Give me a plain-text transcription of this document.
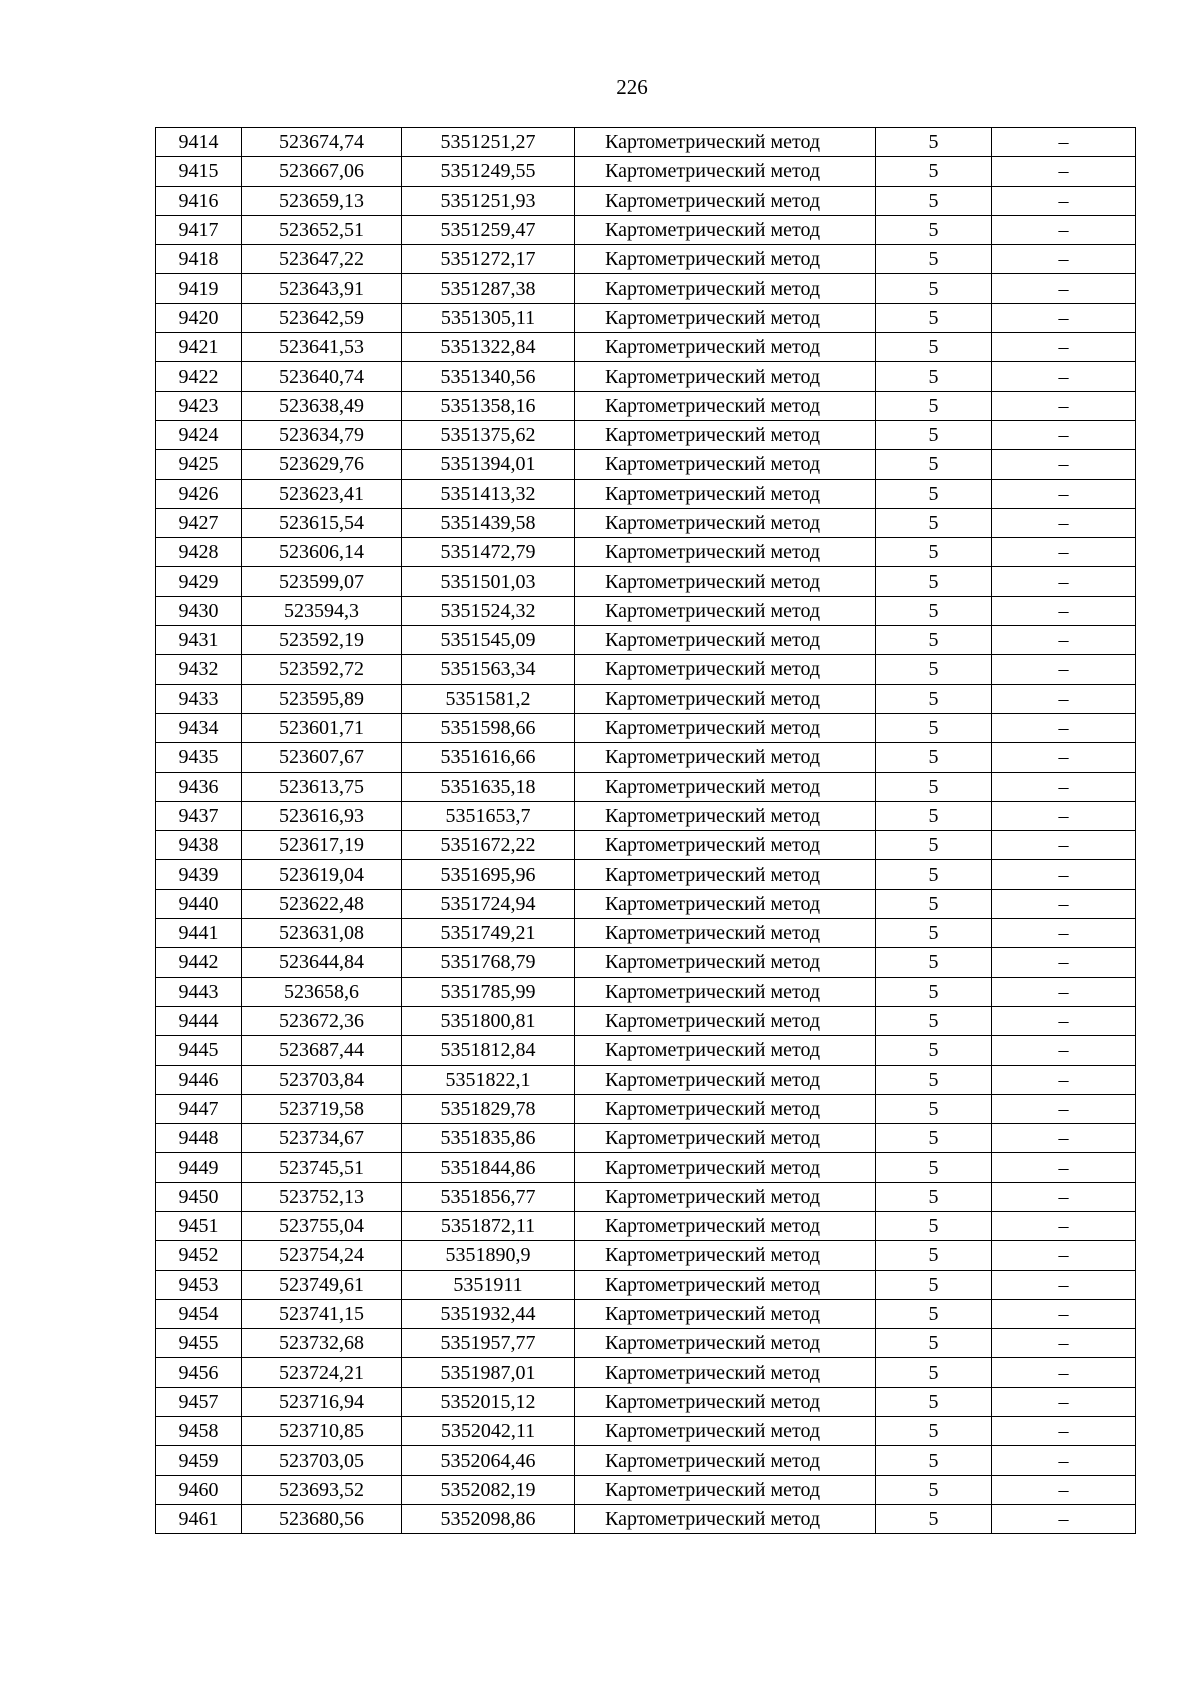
226
9414	523674,74	5351251,27	Картометрический метод	5	–
9415	523667,06	5351249,55	Картометрический метод	5	–
9416	523659,13	5351251,93	Картометрический метод	5	–
9417	523652,51	5351259,47	Картометрический метод	5	–
9418	523647,22	5351272,17	Картометрический метод	5	–
9419	523643,91	5351287,38	Картометрический метод	5	–
9420	523642,59	5351305,11	Картометрический метод	5	–
9421	523641,53	5351322,84	Картометрический метод	5	–
9422	523640,74	5351340,56	Картометрический метод	5	–
9423	523638,49	5351358,16	Картометрический метод	5	–
9424	523634,79	5351375,62	Картометрический метод	5	–
9425	523629,76	5351394,01	Картометрический метод	5	–
9426	523623,41	5351413,32	Картометрический метод	5	–
9427	523615,54	5351439,58	Картометрический метод	5	–
9428	523606,14	5351472,79	Картометрический метод	5	–
9429	523599,07	5351501,03	Картометрический метод	5	–
9430	523594,3	5351524,32	Картометрический метод	5	–
9431	523592,19	5351545,09	Картометрический метод	5	–
9432	523592,72	5351563,34	Картометрический метод	5	–
9433	523595,89	5351581,2	Картометрический метод	5	–
9434	523601,71	5351598,66	Картометрический метод	5	–
9435	523607,67	5351616,66	Картометрический метод	5	–
9436	523613,75	5351635,18	Картометрический метод	5	–
9437	523616,93	5351653,7	Картометрический метод	5	–
9438	523617,19	5351672,22	Картометрический метод	5	–
9439	523619,04	5351695,96	Картометрический метод	5	–
9440	523622,48	5351724,94	Картометрический метод	5	–
9441	523631,08	5351749,21	Картометрический метод	5	–
9442	523644,84	5351768,79	Картометрический метод	5	–
9443	523658,6	5351785,99	Картометрический метод	5	–
9444	523672,36	5351800,81	Картометрический метод	5	–
9445	523687,44	5351812,84	Картометрический метод	5	–
9446	523703,84	5351822,1	Картометрический метод	5	–
9447	523719,58	5351829,78	Картометрический метод	5	–
9448	523734,67	5351835,86	Картометрический метод	5	–
9449	523745,51	5351844,86	Картометрический метод	5	–
9450	523752,13	5351856,77	Картометрический метод	5	–
9451	523755,04	5351872,11	Картометрический метод	5	–
9452	523754,24	5351890,9	Картометрический метод	5	–
9453	523749,61	5351911	Картометрический метод	5	–
9454	523741,15	5351932,44	Картометрический метод	5	–
9455	523732,68	5351957,77	Картометрический метод	5	–
9456	523724,21	5351987,01	Картометрический метод	5	–
9457	523716,94	5352015,12	Картометрический метод	5	–
9458	523710,85	5352042,11	Картометрический метод	5	–
9459	523703,05	5352064,46	Картометрический метод	5	–
9460	523693,52	5352082,19	Картометрический метод	5	–
9461	523680,56	5352098,86	Картометрический метод	5	–
